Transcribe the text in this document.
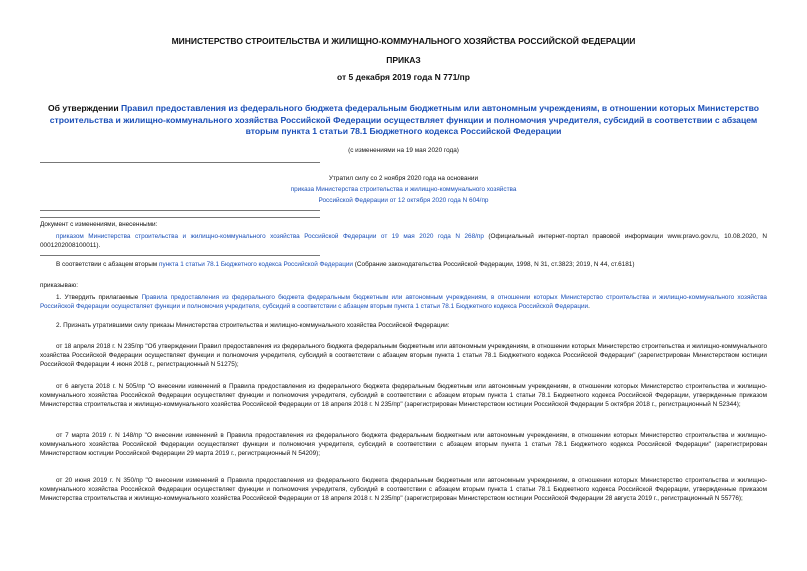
МИНИСТЕРСТВО СТРОИТЕЛЬСТВА И ЖИЛИЩНО-КОММУНАЛЬНОГО ХОЗЯЙСТВА РОССИЙСКОЙ ФЕДЕРАЦИИ
ПРИКАЗ
от 5 декабря 2019 года N 771/пр
Об утверждении Правил предоставления из федерального бюджета федеральным бюджетным или автономным учреждениям, в отношении которых Министерство строительства и жилищно-коммунального хозяйства Российской Федерации осуществляет функции и полномочия учредителя, субсидий в соответствии с абзацем вторым пункта 1 статьи 78.1 Бюджетного кодекса Российской Федерации
(с изменениями на 19 мая 2020 года)
Утратил силу со 2 ноября 2020 года на основании
приказа Министерства строительства и жилищно-коммунального хозяйства
Российской Федерации от 12 октября 2020 года N 604/пр
Документ с изменениями, внесенными:
приказом Министерства строительства и жилищно-коммунального хозяйства Российской Федерации от 19 мая 2020 года N 268/пр (Официальный интернет-портал правовой информации www.pravo.gov.ru, 10.08.2020, N 0001202008100011).
В соответствии с абзацем вторым пункта 1 статьи 78.1 Бюджетного кодекса Российской Федерации (Собрание законодательства Российской Федерации, 1998, N 31, ст.3823; 2019, N 44, ст.6181)
приказываю:
1. Утвердить прилагаемые Правила предоставления из федерального бюджета федеральным бюджетным или автономным учреждениям, в отношении которых Министерство строительства и жилищно-коммунального хозяйства Российской Федерации осуществляет функции и полномочия учредителя, субсидий в соответствии с абзацем вторым пункта 1 статьи 78.1 Бюджетного кодекса Российской Федерации.
2. Признать утратившими силу приказы Министерства строительства и жилищно-коммунального хозяйства Российской Федерации:
от 18 апреля 2018 г. N 235/пр "Об утверждении Правил предоставления из федерального бюджета федеральным бюджетным или автономным учреждениям, в отношении которых Министерство строительства и жилищно-коммунального хозяйства Российской Федерации осуществляет функции и полномочия учредителя, субсидий в соответствии с абзацем вторым пункта 1 статьи 78.1 Бюджетного кодекса Российской Федерации" (зарегистрирован Министерством юстиции Российской Федерации 4 июня 2018 г., регистрационный N 51275);
от 6 августа 2018 г. N 505/пр "О внесении изменений в Правила предоставления из федерального бюджета федеральным бюджетным или автономным учреждениям, в отношении которых Министерство строительства и жилищно-коммунального хозяйства Российской Федерации осуществляет функции и полномочия учредителя, субсидий в соответствии с абзацем вторым пункта 1 статьи 78.1 Бюджетного кодекса Российской Федерации, утвержденные приказом Министерства строительства и жилищно-коммунального хозяйства Российской Федерации от 18 апреля 2018 г. N 235/пр" (зарегистрирован Министерством юстиции Российской Федерации 5 октября 2018 г., регистрационный N 52344);
от 7 марта 2019 г. N 148/пр "О внесении изменений в Правила предоставления из федерального бюджета федеральным бюджетным или автономным учреждениям, в отношении которых Министерство строительства и жилищно-коммунального хозяйства Российской Федерации осуществляет функции и полномочия учредителя, субсидий в соответствии с абзацем вторым пункта 1 статьи 78.1 Бюджетного кодекса Российской Федерации" (зарегистрирован Министерством юстиции Российской Федерации 29 марта 2019 г., регистрационный N 54209);
от 20 июня 2019 г. N 350/пр "О внесении изменений в Правила предоставления из федерального бюджета федеральным бюджетным или автономным учреждениям, в отношении которых Министерство строительства и жилищно-коммунального хозяйства Российской Федерации осуществляет функции и полномочия учредителя, субсидий в соответствии с абзацем вторым пункта 1 статьи 78.1 Бюджетного кодекса Российской Федерации, утвержденные приказом Министерства строительства и жилищно-коммунального хозяйства Российской Федерации от 18 апреля 2018 г. N 235/пр" (зарегистрирован Министерством юстиции Российской Федерации 28 августа 2019 г., регистрационный N 55776);
